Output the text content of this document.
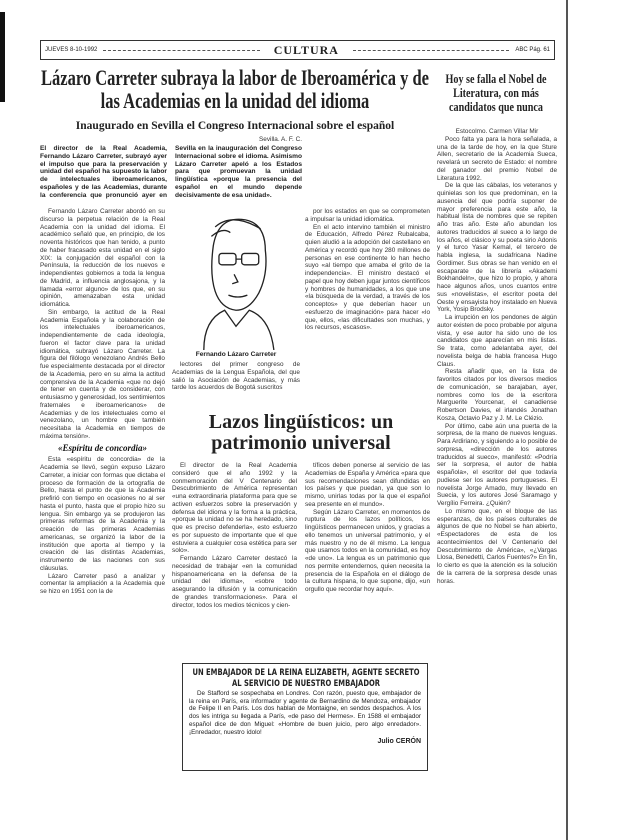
JUEVES 8-10-1992	CULTURA	ABC Pág. 61
Lázaro Carreter subraya la labor de Iberoamérica y de las Academias en la unidad del idioma
Inaugurado en Sevilla el Congreso Internacional sobre el español
Hoy se falla el Nobel de Literatura, con más candidatos que nunca
Sevilla. A. F. C.
El director de la Real Academia, Fernando Lázaro Carreter, subrayó ayer el impulso que para la preservación y unidad del español ha supuesto la labor de intelectuales iberoamericanos, españoles y de las Academias, durante la conferencia que pronunció ayer en Sevilla en la inauguración del Congreso Internacional sobre el idioma. Asimismo Lázaro Carreter apeló a los Estados para que promuevan la unidad lingüística «porque la presencia del español en el mundo depende decisivamente de esa unidad».

Fernando Lázaro Carreter abordó en su discurso la perpetua relación de la Real Academia con la unidad del idioma. El académico señaló que, en principio, de los noventa históricos que han tenido, a punto de haber fracasado esta unidad en el siglo XIX: la conjugación del español con la Península, la reducción de los nuevos e independientes gobiernos a toda la lengua de Madrid, a influencia anglosajona, y la llamada «error alguno» de los que, en su opinión, amenazaban esta unidad idiomática.

Sin embargo, la actitud de la Real Academia Española y la colaboración de los intelectuales iberoamericanos, independientemente de cada ideología, fueron el factor clave para la unidad idiomática, subrayó Lázaro Carreter. La figura del filólogo venezolano Andrés Bello fue especialmente destacada por el director de la Academia, pero en su alma la actitud comprensiva de la Academia «que no dejó de tener en cuenta y de considerar, con entusiasmo y generosidad, los sentimientos fraternales e iberoamericanos» de Academias y de los intelectuales como el venezolano, un hombre que también necesitaba la Academia en tiempos de máxima tensión».

«Espíritu de concordia»

Esta «espíritu de concordia» de la Academia se llevó, según expuso Lázaro Carreter, a iniciar con formas que dictaba el proceso de formación de la ortografía de Bello, hasta el punto de que la Academia prefirió con tiempo en ocasiones no al ser hasta el punto, hasta que el propio hizo su lengua. Sin embargo ya se produjeron las primeras reformas de la Academia y la creación de las primeras Academias americanas, se organizó la labor de la institución que aporta al tiempo y la creación de las distintas Academias, instrumento de las naciones con sus cláusulas.

Lázaro Carreter pasó a analizar y comentar la ampliación a la Academia que se hizo en 1951 con la de

Fernando Lázaro Carreter

lectores del primer congreso de Academias de la Lengua Española, del que salió la Asociación de Academias, y más tarde los acuerdos de Bogotá suscritos

por los estados en que se comprometen a impulsar la unidad idiomática.

En el acto intervino también el ministro de Educación, Alfredo Pérez Rubalcaba, quien aludió a la adopción del castellano en América y recordó que hoy 280 millones de personas en ese continente lo han hecho suyo «al tiempo que amaba el grito de la independencia». El ministro destacó el papel que hoy deben jugar juntos científicos y hombres de humanidades, a los que une «la búsqueda de la verdad, a través de los conceptos» y que deberían hacer un «esfuerzo de imaginación» para hacer «lo que, ellos, «las dificultades son muchas, y los recursos, escasos».

Lazos lingüísticos: un patrimonio universal

El director de la Real Academia consideró que el año 1992 y la conmemoración del V Centenario del Descubrimiento de América representan «una extraordinaria plataforma para que se activen esfuerzos sobre la preservación y defensa del idioma y la forma a la práctica, «porque la unidad no se ha heredado, sino que es preciso defenderla», esto esfuerzo es por supuesto de importante que el que estuviera a cualquier cosa estética para ser solo».

Fernando Lázaro Carreter destacó la necesidad de trabajar «en la comunidad hispanoamericana en la defensa de la unidad del idioma», «sobre todo asegurando la difusión y la comunicación de grandes transformaciones». Para el director, todos los medios técnicos y cien-

tíficos deben ponerse al servicio de las Academias de España y América «para que sus recomendaciones sean difundidas en los países y que puedan, ya que son lo mismo, unirlas todas por la que el español sea presente en el mundo».

Según Lázaro Carreter, en momentos de ruptura de los lazos políticos, los lingüísticos permanecen unidos, y gracias a ello tenemos un universal patrimonio, y el más nuestro y no de él mismo. La lengua que usamos todos en la comunidad, es hoy «de uno». La lengua es un patrimonio que nos permite entendernos, quien necesita la presencia de la Española en el diálogo de la cultura hispana, lo que supone, dijo, «un orgullo que recordar hoy aquí».

UN EMBAJADOR DE LA REINA ELIZABETH, AGENTE SECRETO AL SERVICIO DE NUESTRO EMBAJADOR
De Stafford se sospechaba en Londres. Con razón, puesto que, embajador de la reina en París, era informador y agente de Bernardino de Mendoza, embajador de Felipe II en París. Los dos hablan de Montaigne, en sendos despachos. A los dos les intriga su llegada a París, «de paso del Hermes». En 1588 el embajador español dice de don Miguel: «Hombre de buen juicio, pero algo enredador». ¡Enredador, nuestro ídolo!
Julio CERÓN
Estocolmo. Carmen Villar Mir

Poco falta ya para la hora señalada, a una de la tarde de hoy, en la que Sture Allen, secretario de la Academia Sueca, revelará un secreto de Estado: el nombre del ganador del premio Nobel de Literatura 1992.

De la que las cábalas, los veteranos y quinielas son los que predominan, en la ausencia del que podría suponer de mayor preferencia para este año, la habitual lista de nombres que se repiten año tras año. Este año abundan los autores traducidos al sueco a lo largo de los años, el clásico y su poeta sirio Adonis y el turco Yasar Kemal, el tercero de habla inglesa, la sudafricana Nadine Gordimer. Sus obras se han venido en el escaparate de la librería «Akademi Bokhandeln», que hizo lo propio, y ahora hace algunos años, unos cuantos entre sus «novelistas», el escritor poeta del Oeste y ensayista hoy instalado en Nueva York, Yosip Brodsky.

La irrupción en los pendones de algún autor existen de poco probable por alguna vista, y ese autor ha sido uno de los candidatos que aparecían en mis listas. Se trata, como adelantaba ayer, del novelista belga de habla francesa Hugo Claus.

Resta añadir que, en la lista de favoritos citados por los diversos medios de comunicación, se barajaban, ayer, nombres como los de la escritora Marguerite Yourcenar, el canadiense Robertson Davies, el irlandés Jonathan Kosza, Octavio Paz y J. M. Le Clézio.

Por último, cabe aún una puerta de la sorpresa, de la mano de nuevos lenguas. Para Ardiriano, y siguiendo a lo posible de sorpresa, «dirección de los autores traducidos al sueco», manifestó: «Podría ser la sorpresa, el autor de habla española», el escritor del que todavía pudiese ser los autores portugueses. El novelista Jorge Amado, muy llevado en Suecia, y los autores José Saramago y Vergílio Ferreira. ¿Quién?

Lo mismo que, en el bloque de las esperanzas, de los países culturales de algunos de que no Nobel se han abierto, «Espectadores de esta de los acontecimientos del V Centenario del Descubrimiento de América», «¿Vargas Llosa, Benedetti, Carlos Fuentes?» En fin, lo cierto es que la atención es la solución de la carrera de la sorpresa desde unas horas.
